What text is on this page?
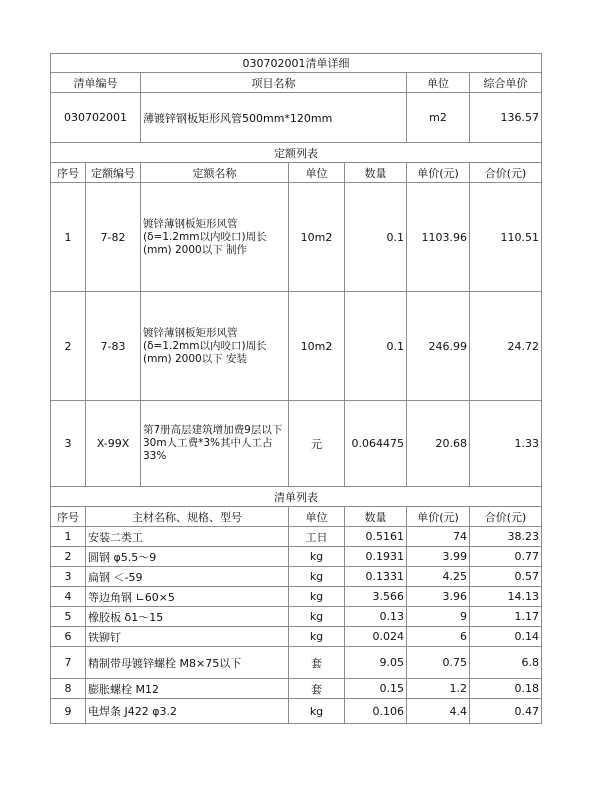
030702001清单详细						
清单编号		项目名称			单位	综合单价
030702001		薄镀锌钢板矩形风管500mm*120mm			m2	136.57
定额列表						
序号	定额编号	定额名称	单位	数量	单价(元)	合价(元)
1	7-82	镀锌薄钢板矩形风管(δ=1.2mm以内咬口)周长(mm) 2000以下 制作	10m2	0.1	1103.96	110.51
2	7-83	镀锌薄钢板矩形风管(δ=1.2mm以内咬口)周长(mm) 2000以下 安装	10m2	0.1	246.99	24.72
3	X-99X	第7册高层建筑增加费9层以下30m人工费*3%其中人工占33%	元	0.064475	20.68	1.33
清单列表						
序号	主材名称、规格、型号		单位	数量	单价(元)	合价(元)
1	安装二类工		工日	0.5161	74	38.23
2	圆钢 φ5.5～9		kg	0.1931	3.99	0.77
3	扁钢 ＜-59		kg	0.1331	4.25	0.57
4	等边角钢 ∟60×5		kg	3.566	3.96	14.13
5	橡胶板 δ1～15		kg	0.13	9	1.17
6	铁铆钉		kg	0.024	6	0.14
7	精制带母镀锌螺栓 M8×75以下		套	9.05	0.75	6.8
8	膨胀螺栓 M12		套	0.15	1.2	0.18
9	电焊条 J422 φ3.2		kg	0.106	4.4	0.47
